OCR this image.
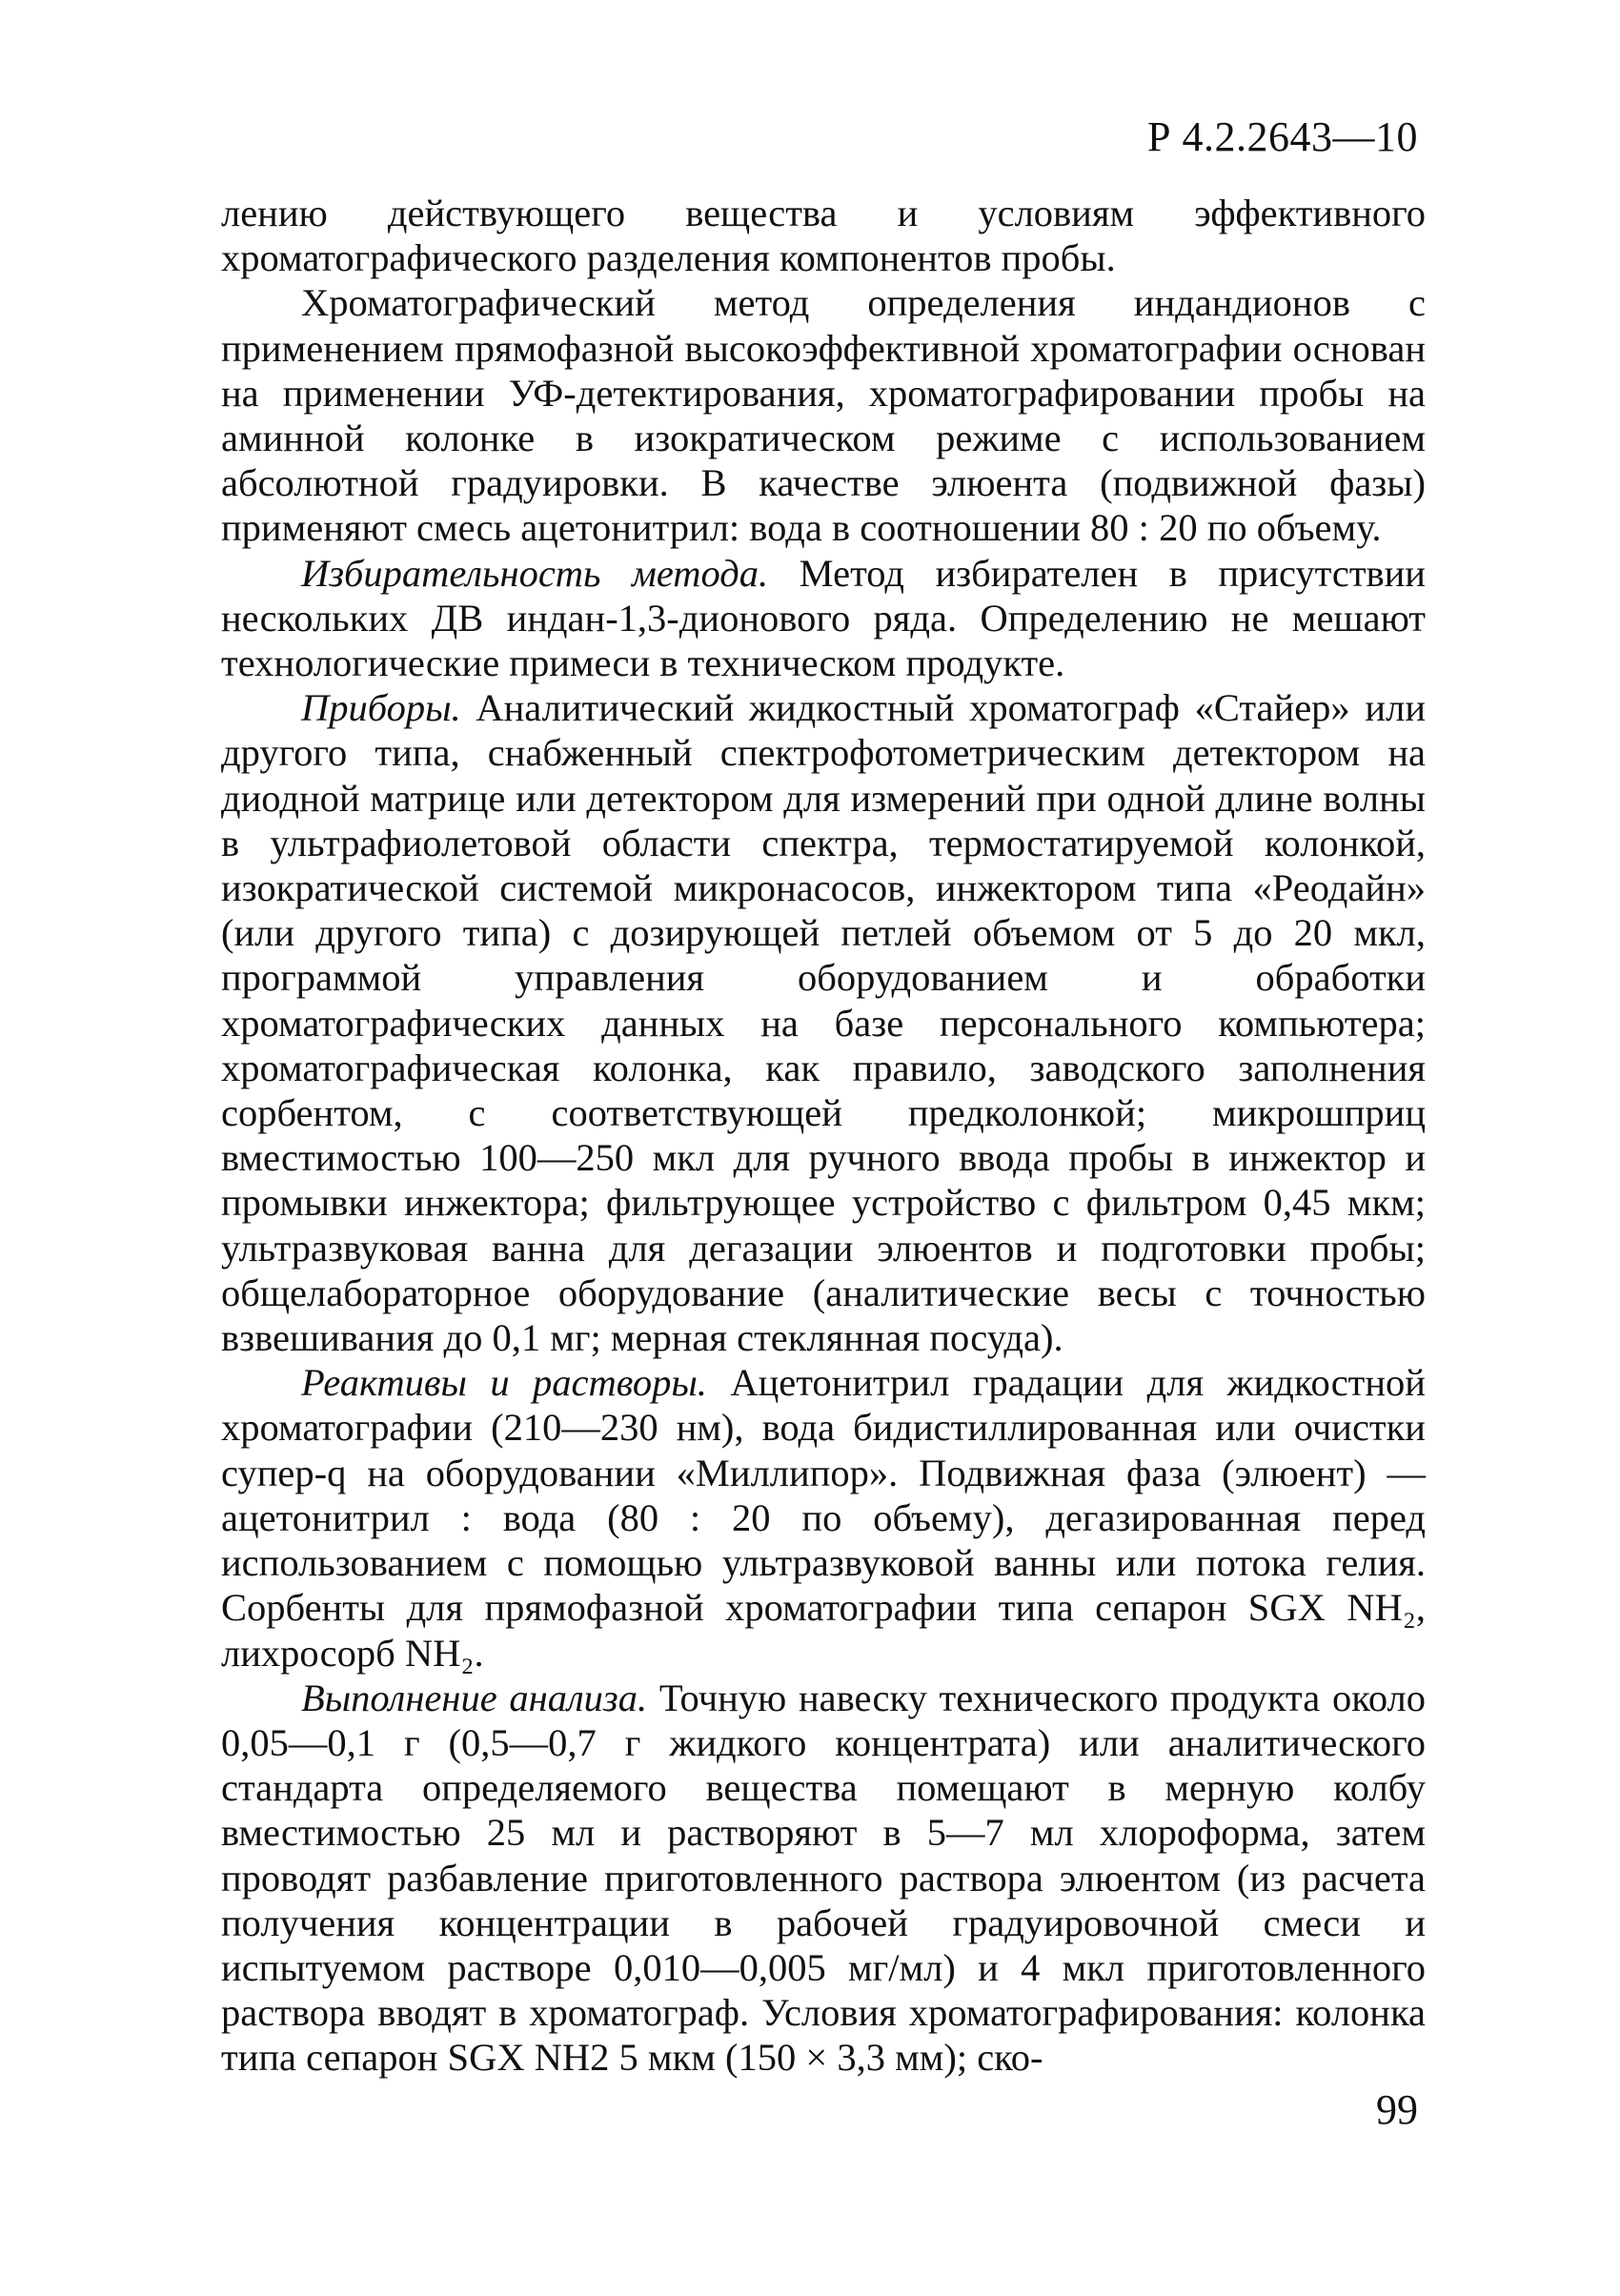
Р 4.2.2643—10

лению действующего вещества и условиям эффективного хроматографического разделения компонентов пробы.

Хроматографический метод определения индандионов с применением прямофазной высокоэффективной хроматографии основан на применении УФ-детектирования, хроматографировании пробы на аминной колонке в изократическом режиме с использованием абсолютной градуировки. В качестве элюента (подвижной фазы) применяют смесь ацетонитрил: вода в соотношении 80 : 20 по объему.

Избирательность метода. Метод избирателен в присутствии нескольких ДВ индан-1,3-дионового ряда. Определению не мешают технологические примеси в техническом продукте.

Приборы. Аналитический жидкостный хроматограф «Стайер» или другого типа, снабженный спектрофотометрическим детектором на диодной матрице или детектором для измерений при одной длине волны в ультрафиолетовой области спектра, термостатируемой колонкой, изократической системой микронасосов, инжектором типа «Реодайн» (или другого типа) с дозирующей петлей объемом от 5 до 20 мкл, программой управления оборудованием и обработки хроматографических данных на базе персонального компьютера; хроматографическая колонка, как правило, заводского заполнения сорбентом, с соответствующей предколонкой; микрошприц вместимостью 100—250 мкл для ручного ввода пробы в инжектор и промывки инжектора; фильтрующее устройство с фильтром 0,45 мкм; ультразвуковая ванна для дегазации элюентов и подготовки пробы; общелабораторное оборудование (аналитические весы с точностью взвешивания до 0,1 мг; мерная стеклянная посуда).

Реактивы и растворы. Ацетонитрил градации для жидкостной хроматографии (210—230 нм), вода бидистиллированная или очистки супер-q на оборудовании «Миллипор». Подвижная фаза (элюент) — ацетонитрил : вода (80 : 20 по объему), дегазированная перед использованием с помощью ультразвуковой ванны или потока гелия. Сорбенты для прямофазной хроматографии типа сепарон SGX NH₂, лихросорб NH₂.

Выполнение анализа. Точную навеску технического продукта около 0,05—0,1 г (0,5—0,7 г жидкого концентрата) или аналитического стандарта определяемого вещества помещают в мерную колбу вместимостью 25 мл и растворяют в 5—7 мл хлороформа, затем проводят разбавление приготовленного раствора элюентом (из расчета получения концентрации в рабочей градуировочной смеси и испытуемом растворе 0,010—0,005 мг/мл) и 4 мкл приготовленного раствора вводят в хроматограф. Условия хроматографирования: колонка типа сепарон SGX NH2 5 мкм (150 × 3,3 мм); ско-

99
